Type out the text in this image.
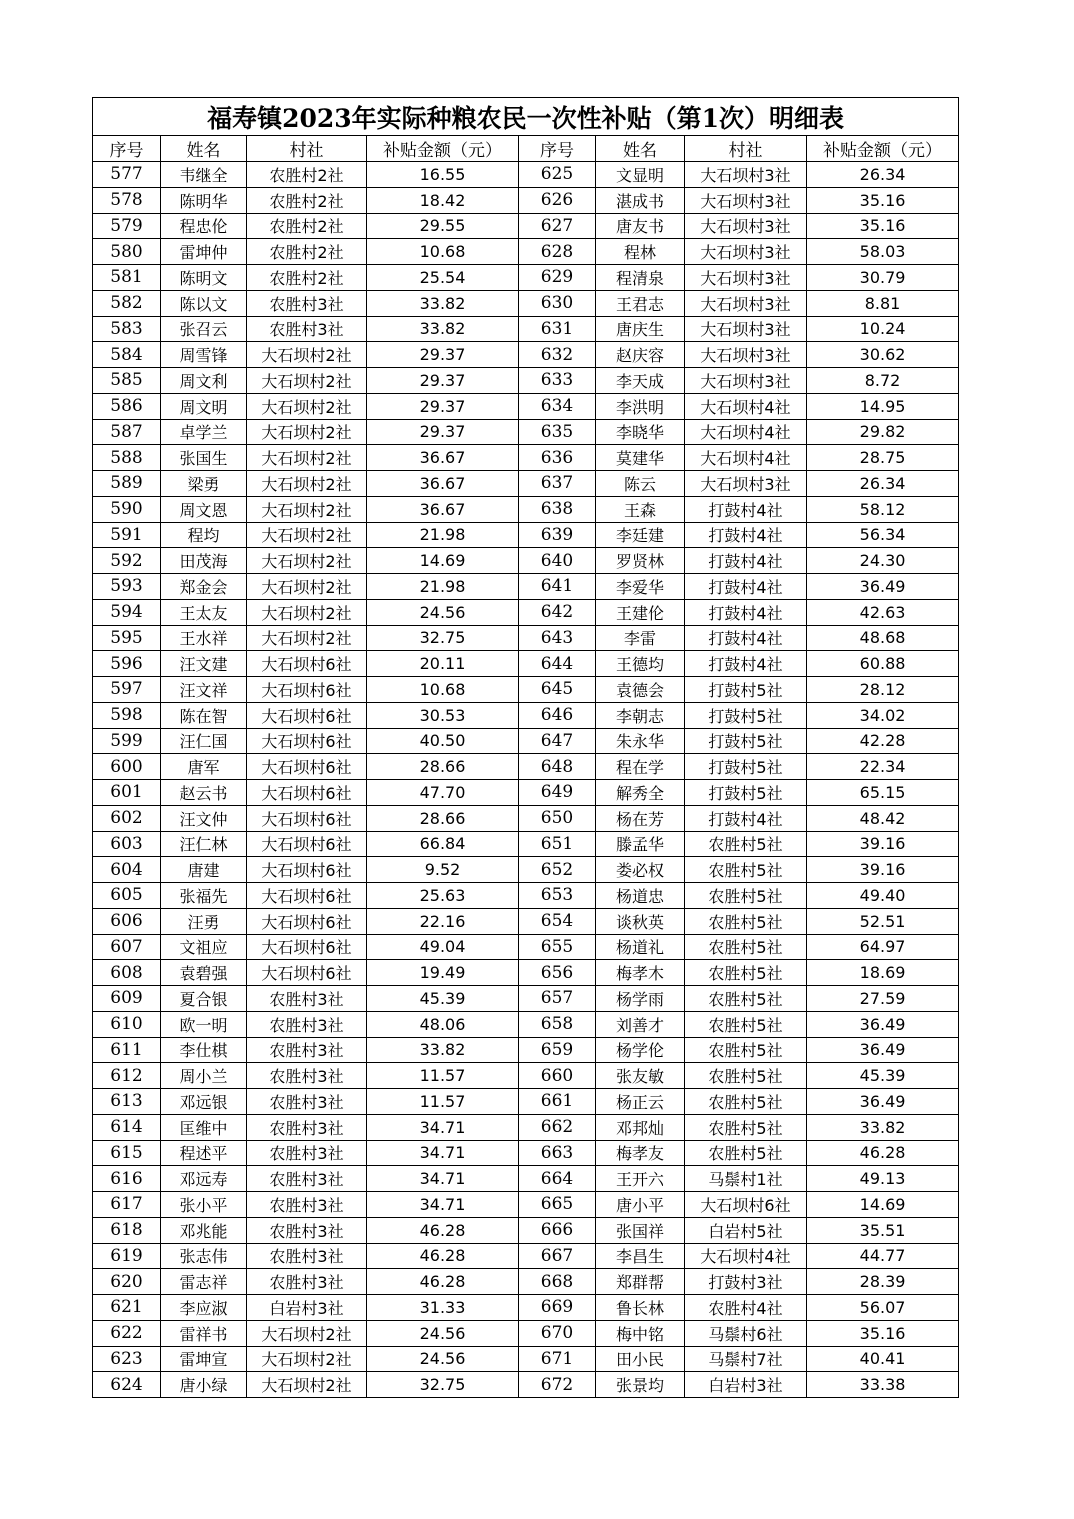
福寿镇2023年实际种粮农民一次性补贴（第1次）明细表							
序号	姓名	村社	补贴金额（元）	序号	姓名	村社	补贴金额（元）
577	韦继全	农胜村2社	16.55	625	文显明	大石坝村3社	26.34
578	陈明华	农胜村2社	18.42	626	湛成书	大石坝村3社	35.16
579	程忠伦	农胜村2社	29.55	627	唐友书	大石坝村3社	35.16
580	雷坤仲	农胜村2社	10.68	628	程林	大石坝村3社	58.03
581	陈明文	农胜村2社	25.54	629	程清泉	大石坝村3社	30.79
582	陈以文	农胜村3社	33.82	630	王君志	大石坝村3社	8.81
583	张召云	农胜村3社	33.82	631	唐庆生	大石坝村3社	10.24
584	周雪锋	大石坝村2社	29.37	632	赵庆容	大石坝村3社	30.62
585	周文利	大石坝村2社	29.37	633	李天成	大石坝村3社	8.72
586	周文明	大石坝村2社	29.37	634	李洪明	大石坝村4社	14.95
587	卓学兰	大石坝村2社	29.37	635	李晓华	大石坝村4社	29.82
588	张国生	大石坝村2社	36.67	636	莫建华	大石坝村4社	28.75
589	梁勇	大石坝村2社	36.67	637	陈云	大石坝村3社	26.34
590	周文恩	大石坝村2社	36.67	638	王森	打鼓村4社	58.12
591	程均	大石坝村2社	21.98	639	李廷建	打鼓村4社	56.34
592	田茂海	大石坝村2社	14.69	640	罗贤林	打鼓村4社	24.30
593	郑金会	大石坝村2社	21.98	641	李爱华	打鼓村4社	36.49
594	王太友	大石坝村2社	24.56	642	王建伦	打鼓村4社	42.63
595	王水祥	大石坝村2社	32.75	643	李雷	打鼓村4社	48.68
596	汪文建	大石坝村6社	20.11	644	王德均	打鼓村4社	60.88
597	汪文祥	大石坝村6社	10.68	645	袁德会	打鼓村5社	28.12
598	陈在智	大石坝村6社	30.53	646	李朝志	打鼓村5社	34.02
599	汪仁国	大石坝村6社	40.50	647	朱永华	打鼓村5社	42.28
600	唐军	大石坝村6社	28.66	648	程在学	打鼓村5社	22.34
601	赵云书	大石坝村6社	47.70	649	解秀全	打鼓村5社	65.15
602	汪文仲	大石坝村6社	28.66	650	杨在芳	打鼓村4社	48.42
603	汪仁林	大石坝村6社	66.84	651	滕孟华	农胜村5社	39.16
604	唐建	大石坝村6社	9.52	652	娄必权	农胜村5社	39.16
605	张福先	大石坝村6社	25.63	653	杨道忠	农胜村5社	49.40
606	汪勇	大石坝村6社	22.16	654	谈秋英	农胜村5社	52.51
607	文祖应	大石坝村6社	49.04	655	杨道礼	农胜村5社	64.97
608	袁碧强	大石坝村6社	19.49	656	梅孝木	农胜村5社	18.69
609	夏合银	农胜村3社	45.39	657	杨学雨	农胜村5社	27.59
610	欧一明	农胜村3社	48.06	658	刘善才	农胜村5社	36.49
611	李仕棋	农胜村3社	33.82	659	杨学伦	农胜村5社	36.49
612	周小兰	农胜村3社	11.57	660	张友敏	农胜村5社	45.39
613	邓远银	农胜村3社	11.57	661	杨正云	农胜村5社	36.49
614	匡维中	农胜村3社	34.71	662	邓邦灿	农胜村5社	33.82
615	程述平	农胜村3社	34.71	663	梅孝友	农胜村5社	46.28
616	邓远寿	农胜村3社	34.71	664	王开六	马鬃村1社	49.13
617	张小平	农胜村3社	34.71	665	唐小平	大石坝村6社	14.69
618	邓兆能	农胜村3社	46.28	666	张国祥	白岩村5社	35.51
619	张志伟	农胜村3社	46.28	667	李昌生	大石坝村4社	44.77
620	雷志祥	农胜村3社	46.28	668	郑群帮	打鼓村3社	28.39
621	李应淑	白岩村3社	31.33	669	鲁长林	农胜村4社	56.07
622	雷祥书	大石坝村2社	24.56	670	梅中铭	马鬃村6社	35.16
623	雷坤宣	大石坝村2社	24.56	671	田小民	马鬃村7社	40.41
624	唐小绿	大石坝村2社	32.75	672	张景均	白岩村3社	33.38
